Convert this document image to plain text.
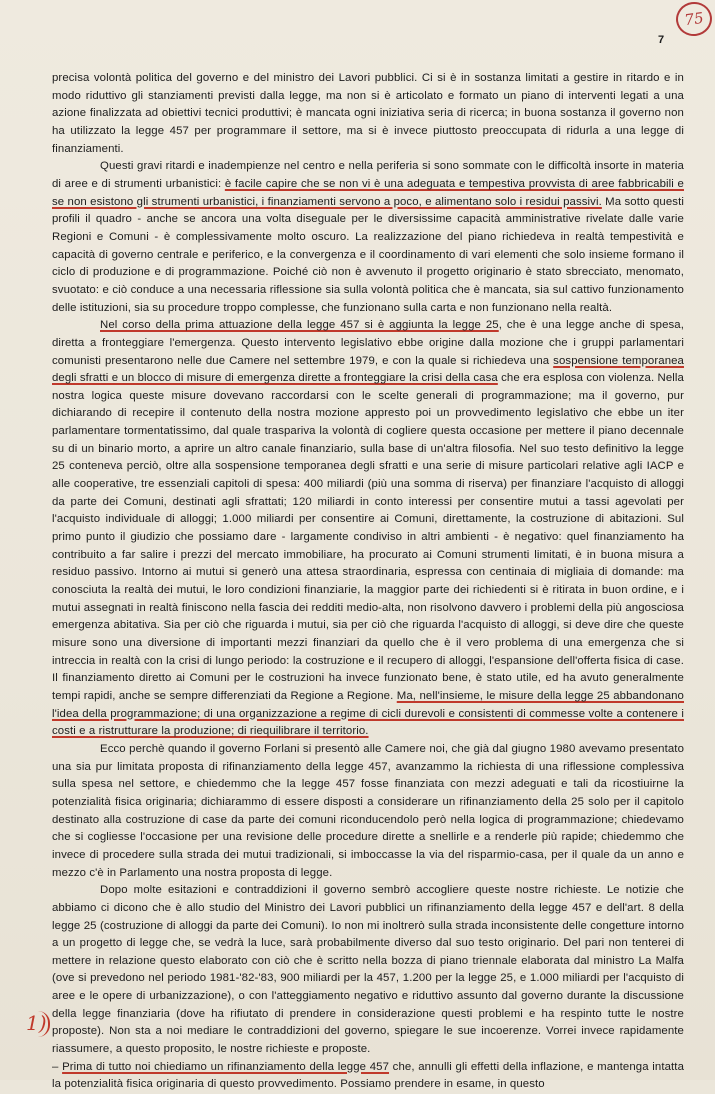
75
7

precisa volontà politica del governo e del ministro dei Lavori pubblici. Ci si è in sostanza limitati a gestire in ritardo e in modo riduttivo gli stanziamenti previsti dalla legge, ma non si è articolato e formato un piano di interventi legati a una azione finalizzata ad obiettivi tecnici produttivi; è mancata ogni iniziativa seria di ricerca; in buona sostanza il governo non ha utilizzato la legge 457 per programmare il settore, ma si è invece piuttosto preoccupata di ridurla a una legge di finanziamenti.

Questi gravi ritardi e inadempienze nel centro e nella periferia si sono sommate con le difficoltà insorte in materia di aree e di strumenti urbanistici: è facile capire che se non vi è una adeguata e tempestiva provvista di aree fabbricabili e se non esistono gli strumenti urbanistici, i finanziamenti servono a poco, e alimentano solo i residui passivi. Ma sotto questi profili il quadro - anche se ancora una volta diseguale per le diversissime capacità amministrative rivelate dalle varie Regioni e Comuni - è complessivamente molto oscuro. La realizzazione del piano richiedeva in realtà tempestività e capacità di governo centrale e periferico, e la convergenza e il coordinamento di vari elementi che solo insieme formano il ciclo di produzione e di programmazione. Poiché ciò non è avvenuto il progetto originario è stato sbrecciato, menomato, svuotato: e ciò conduce a una necessaria riflessione sia sulla volontà politica che è mancata, sia sul cattivo funzionamento delle istituzioni, sia su procedure troppo complesse, che funzionano sulla carta e non funzionano nella realtà.

Nel corso della prima attuazione della legge 457 si è aggiunta la legge 25, che è una legge anche di spesa, diretta a fronteggiare l'emergenza. Questo intervento legislativo ebbe origine dalla mozione che i gruppi parlamentari comunisti presentarono nelle due Camere nel settembre 1979, e con la quale si richiedeva una sospensione temporanea degli sfratti e un blocco di misure di emergenza dirette a fronteggiare la crisi della casa che era esplosa con violenza. Nella nostra logica queste misure dovevano raccordarsi con le scelte generali di programmazione; ma il governo, pur dichiarando di recepire il contenuto della nostra mozione appresto poi un provvedimento legislativo che ebbe un iter parlamentare tormentatissimo, dal quale traspariva la volontà di cogliere questa occasione per mettere il piano decennale su di un binario morto, a aprire un altro canale finanziario, sulla base di un'altra filosofia. Nel suo testo definitivo la legge 25 conteneva perciò, oltre alla sospensione temporanea degli sfratti e una serie di misure particolari relative agli IACP e alle cooperative, tre essenziali capitoli di spesa: 400 miliardi (più una somma di riserva) per finanziare l'acquisto di alloggi da parte dei Comuni, destinati agli sfrattati; 120 miliardi in conto interessi per consentire mutui a tassi agevolati per l'acquisto individuale di alloggi; 1.000 miliardi per consentire ai Comuni, direttamente, la costruzione di abitazioni. Sul primo punto il giudizio che possiamo dare - largamente condiviso in altri ambienti - è negativo: quel finanziamento ha contribuito a far salire i prezzi del mercato immobiliare, ha procurato ai Comuni strumenti limitati, è in buona misura a residuo passivo. Intorno ai mutui si generò una attesa straordinaria, espressa con centinaia di migliaia di domande: ma conosciuta la realtà dei mutui, le loro condizioni finanziarie, la maggior parte dei richiedenti si è ritirata in buon ordine, e i mutui assegnati in realtà finiscono nella fascia dei redditi medio-alta, non risolvono davvero i problemi della più angosciosa emergenza abitativa. Sia per ciò che riguarda i mutui, sia per ciò che riguarda l'acquisto di alloggi, si deve dire che queste misure sono una diversione di importanti mezzi finanziari da quello che è il vero problema di una emergenza che si intreccia in realtà con la crisi di lungo periodo: la costruzione e il recupero di alloggi, l'espansione dell'offerta fisica di case. Il finanziamento diretto ai Comuni per le costruzioni ha invece funzionato bene, è stato utile, ed ha avuto generalmente tempi rapidi, anche se sempre differenziati da Regione a Regione. Ma, nell'insieme, le misure della legge 25 abbandonano l'idea della programmazione; di una organizzazione a regime di cicli durevoli e consistenti di commesse volte a contenere i costi e a ristrutturare la produzione; di riequilibrare il territorio.

Ecco perchè quando il governo Forlani si presentò alle Camere noi, che già dal giugno 1980 avevamo presentato una sia pur limitata proposta di rifinanziamento della legge 457, avanzammo la richiesta di una riflessione complessiva sulla spesa nel settore, e chiedemmo che la legge 457 fosse finanziata con mezzi adeguati e tali da ricostiuirne la potenzialità fisica originaria; dichiarammo di essere disposti a considerare un rifinanziamento della 25 solo per il capitolo destinato alla costruzione di case da parte dei comuni riconducendolo però nella logica di programmazione; chiedevamo che si cogliesse l'occasione per una revisione delle procedure dirette a snellirle e a renderle più rapide; chiedemmo che invece di procedere sulla strada dei mutui tradizionali, si imboccasse la via del risparmio-casa, per il quale da un anno e mezzo c'è in Parlamento una nostra proposta di legge.

Dopo molte esitazioni e contraddizioni il governo sembrò accogliere queste nostre richieste. Le notizie che abbiamo ci dicono che è allo studio del Ministro dei Lavori pubblici un rifinanziamento della legge 457 e dell'art. 8 della legge 25 (costruzione di alloggi da parte dei Comuni). Io non mi inoltrerò sulla strada inconsistente delle congetture intorno a un progetto di legge che, se vedrà la luce, sarà probabilmente diverso dal suo testo originario. Del pari non tenterei di mettere in relazione questo elaborato con ciò che è scritto nella bozza di piano triennale elaborata dal ministro La Malfa (ove si prevedono nel periodo 1981-'82-'83, 900 miliardi per la 457, 1.200 per la legge 25, e 1.000 miliardi per l'acquisto di aree e le opere di urbanizzazione), o con l'atteggiamento negativo e riduttivo assunto dal governo durante la discussione della legge finanziaria (dove ha rifiutato di prendere in considerazione questi problemi e ha respinto tutte le nostre proposte). Non sta a noi mediare le contraddizioni del governo, spiegare le sue incoerenze. Vorrei invece rapidamente riassumere, a questo proposito, le nostre richieste e proposte.

– Prima di tutto noi chiediamo un rifinanziamento della legge 457 che, annulli gli effetti della inflazione, e mantenga intatta la potenzialità fisica originaria di questo provvedimento. Possiamo prendere in esame, in questo

1)
